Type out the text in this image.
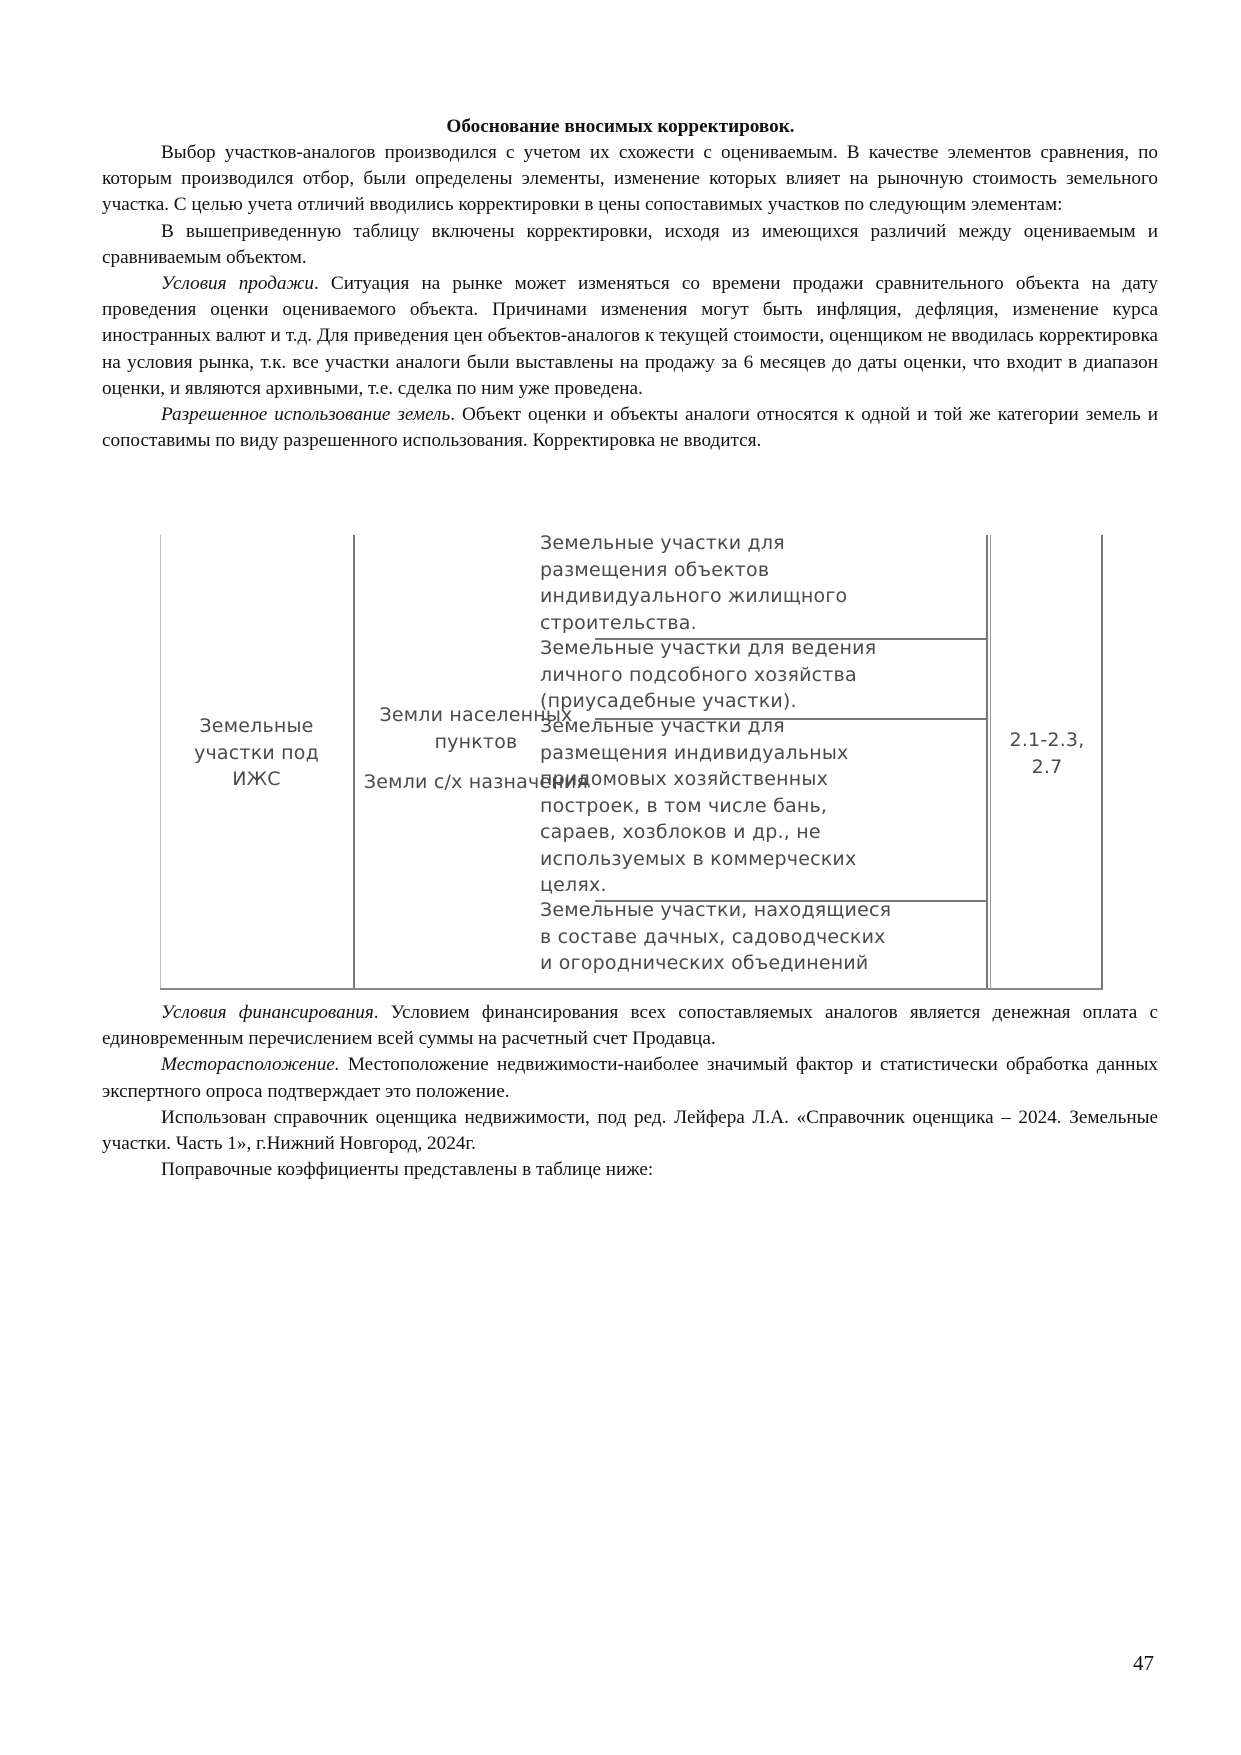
Обоснование вносимых корректировок.

Выбор участков-аналогов производился с учетом их схожести с оцениваемым. В качестве элементов сравнения, по которым производился отбор, были определены элементы, изменение которых влияет на рыночную стоимость земельного участка. С целью учета отличий вводились корректировки в цены сопоставимых участков по следующим элементам:

В вышеприведенную таблицу включены корректировки, исходя из имеющихся различий между оцениваемым и сравниваемым объектом.

Условия продажи. Ситуация на рынке может изменяться со времени продажи сравнительного объекта на дату проведения оценки оцениваемого объекта. Причинами изменения могут быть инфляция, дефляция, изменение курса иностранных валют и т.д. Для приведения цен объектов-аналогов к текущей стоимости, оценщиком не вводилась корректировка на условия рынка, т.к. все участки аналоги были выставлены на продажу за 6 месяцев до даты оценки, что входит в диапазон оценки, и являются архивными, т.е. сделка по ним уже проведена.

Разрешенное использование земель. Объект оценки и объекты аналоги относятся к одной и той же категории земель и сопоставимы по виду разрешенного использования. Корректировка не вводится.

Земельные
участки под
ИЖС
Земли населенных
пунктов
Земли с/х назначения
Земельные участки для
размещения объектов
индивидуального жилищного
строительства.
Земельные участки для ведения
личного подсобного хозяйства
(приусадебные участки).
Земельные участки для
размещения индивидуальных
придомовых хозяйственных
построек, в том числе бань,
сараев, хозблоков и др., не
используемых в коммерческих
целях.
Земельные участки, находящиеся
в составе дачных, садоводческих
и огороднических объединений
2.1-2.3,
2.7

Условия финансирования. Условием финансирования всех сопоставляемых аналогов является денежная оплата с единовременным перечислением всей суммы на расчетный счет Продавца.

Месторасположение. Местоположение недвижимости-наиболее значимый фактор и статистически обработка данных экспертного опроса подтверждает это положение.

Использован справочник оценщика недвижимости, под ред. Лейфера Л.А. «Справочник оценщика – 2024. Земельные участки. Часть 1», г.Нижний Новгород, 2024г.

Поправочные коэффициенты представлены в таблице ниже:

47
